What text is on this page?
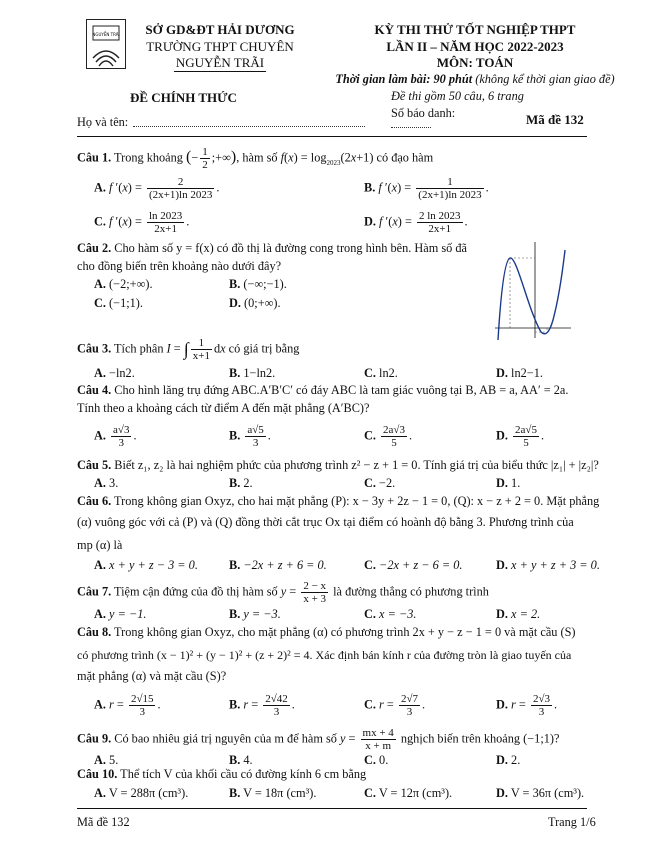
NGUYỄN TRÃI	SỞ GD&ĐT HẢI DƯƠNG
TRƯỜNG THPT CHUYÊN
NGUYỄN TRÃI
ĐỀ CHÍNH THỨC
KỲ THI THỬ TỐT NGHIỆP THPT
LẦN II – NĂM HỌC 2022-2023
MÔN: TOÁN
Thời gian làm bài: 90 phút (không kể thời gian giao đề)
Đề thi gồm 50 câu, 6 trang
Số báo danh:	Mã đề 132
Họ và tên:
Câu 1. Trong khoảng (− $\frac{1}{2}$ ;+∞), hàm số $f(x) = \log_{2023}(2x+1)$ có đạo hàm
A. f $'(x) = \frac{2}{(2x+1)\ln 2023}$ .	B. f $'(x) = \frac{1}{(2x+1)\ln 2023}$ .
C. f $'(x) = \frac{\ln 2023}{2x+1}$ .	D. f $'(x) = \frac{2 \ln 2023}{2x+1}$ .
Câu 2. Cho hàm số y = f(x) có đồ thị là đường cong trong hình bên. Hàm số đã
cho đồng biến trên khoảng nào dưới đây?
A. (−2;+∞).	B. (−∞;−1).
C. (−1;1).	D. (0;+∞).
Câu 3. Tích phân I = ∫ $\frac{1}{x+1}$ dx có giá trị bằng
A. −ln2.	B. 1−ln2.	C. ln2.	D. ln2−1.
Câu 4. Cho hình lăng trụ đứng ABC.A′B′C′ có đáy ABC là tam giác vuông tại B, AB = a, AA′ = 2a.
Tính theo a khoảng cách từ điểm A đến mặt phẳng (A′BC)?
A. $\frac{a√3}{3}$ .	B. $\frac{a√5}{3}$ .	C. $\frac{2a√3}{5}$ .	D. $\frac{2a√5}{5}$ .
Câu 5. Biết z₁, z₂ là hai nghiệm phức của phương trình z² − z + 1 = 0. Tính giá trị của biểu thức |z₁| + |z₂|?
A. 3.	B. 2.	C. −2.	D. 1.
Câu 6. Trong không gian Oxyz, cho hai mặt phẳng (P): x − 3y + 2z − 1 = 0, (Q): x − z + 2 = 0. Mặt phẳng
(α) vuông góc với cả (P) và (Q) đồng thời cắt trục Ox tại điểm có hoành độ bằng 3. Phương trình của
mp (α) là
A. x + y + z − 3 = 0.	B. −2x + z + 6 = 0.	C. −2x + z − 6 = 0.	D. x + y + z + 3 = 0.
Câu 7. Tiệm cận đứng của đồ thị hàm số $y = \frac{2 - x}{x + 3}$ là đường thẳng có phương trình
A. y = −1.	B. y = −3.	C. x = −3.	D. x = 2.
Câu 8. Trong không gian Oxyz, cho mặt phẳng (α) có phương trình 2x + y − z − 1 = 0 và mặt cầu (S)
có phương trình (x − 1)² + (y − 1)² + (z + 2)² = 4. Xác định bán kính r của đường tròn là giao tuyến của
mặt phẳng (α) và mặt cầu (S)?
A. $r = \frac{2√15}{3}$ .	B. $r = \frac{2√42}{3}$ .	C. $r = \frac{2√7}{3}$ .	D. $r = \frac{2√3}{3}$ .
Câu 9. Có bao nhiêu giá trị nguyên của m để hàm số $y = \frac{mx + 4}{x + m}$ nghịch biến trên khoảng (−1;1)?
A. 5.	B. 4.	C. 0.	D. 2.
Câu 10. Thể tích V của khối cầu có đường kính 6 cm bằng
A. V = 288π (cm³).	B. V = 18π (cm³).	C. V = 12π (cm³).	D. V = 36π (cm³).
Mã đề 132	Trang 1/6
